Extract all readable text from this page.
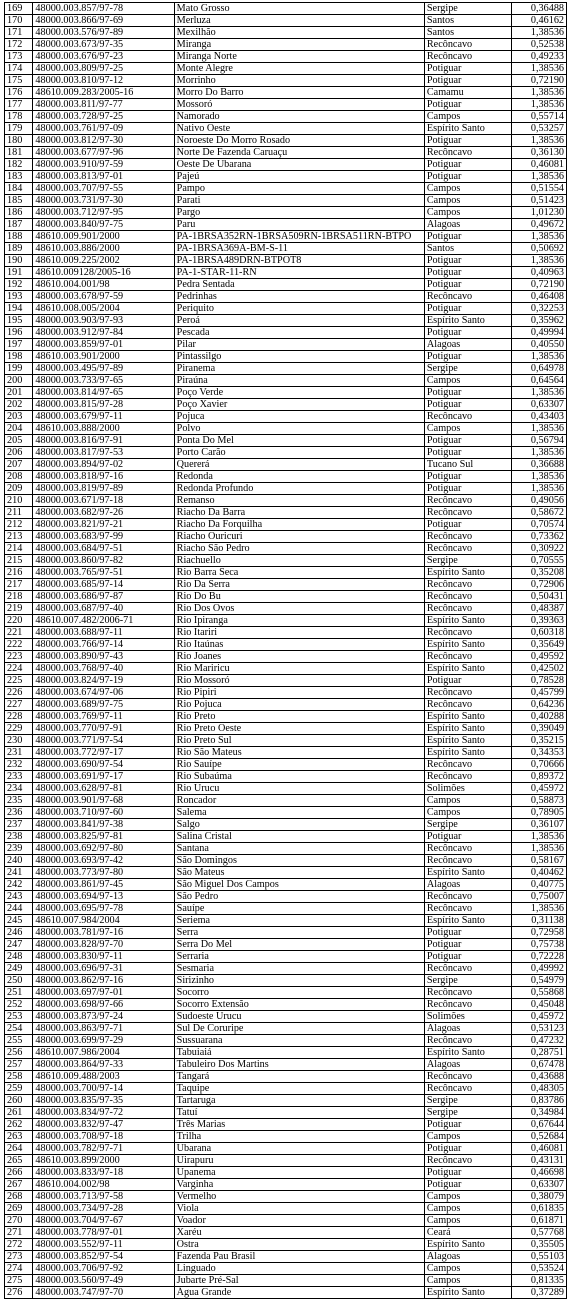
169	48000.003.857/97-78	Mato Grosso	Sergipe	0,36488
170	48000.003.866/97-69	Merluza	Santos	0,46162
171	48000.003.576/97-89	Mexilhão	Santos	1,38536
172	48000.003.673/97-35	Miranga	Recôncavo	0,52538
173	48000.003.676/97-23	Miranga Norte	Recôncavo	0,49233
174	48000.003.809/97-25	Monte Alegre	Potiguar	1,38536
175	48000.003.810/97-12	Morrinho	Potiguar	0,72190
176	48610.009.283/2005-16	Morro Do Barro	Camamu	1,38536
177	48000.003.811/97-77	Mossoró	Potiguar	1,38536
178	48000.003.728/97-25	Namorado	Campos	0,55714
179	48000.003.761/97-09	Nativo Oeste	Espírito Santo	0,53257
180	48000.003.812/97-30	Noroeste Do Morro Rosado	Potiguar	1,38536
181	48000.003.677/97-96	Norte De Fazenda Caruaçu	Recôncavo	0,36130
182	48000.003.910/97-59	Oeste De Ubarana	Potiguar	0,46081
183	48000.003.813/97-01	Pajeú	Potiguar	1,38536
184	48000.003.707/97-55	Pampo	Campos	0,51554
185	48000.003.731/97-30	Parati	Campos	0,51423
186	48000.003.712/97-95	Pargo	Campos	1,01230
187	48000.003.840/97-75	Paru	Alagoas	0,49672
188	48610.009.901/2000	PA-1BRSA352RN-1BRSA509RN-1BRSA511RN-BTPO	Potiguar	1,38536
189	48610.003.886/2000	PA-1BRSA369A-BM-S-11	Santos	0,50692
190	48610.009.225/2002	PA-1BRSA489DRN-BTPOT8	Potiguar	1,38536
191	48610.009128/2005-16	PA-1-STAR-11-RN	Potiguar	0,40963
192	48610.004.001/98	Pedra Sentada	Potiguar	0,72190
193	48000.003.678/97-59	Pedrinhas	Recôncavo	0,46408
194	48610.008.005/2004	Periquito	Potiguar	0,32253
195	48000.003.903/97-93	Peroá	Espírito Santo	0,35962
196	48000.003.912/97-84	Pescada	Potiguar	0,49994
197	48000.003.859/97-01	Pilar	Alagoas	0,40550
198	48610.003.901/2000	Pintassilgo	Potiguar	1,38536
199	48000.003.495/97-89	Piranema	Sergipe	0,64978
200	48000.003.733/97-65	Piraúna	Campos	0,64564
201	48000.003.814/97-65	Poço Verde	Potiguar	1,38536
202	48000.003.815/97-28	Poço Xavier	Potiguar	0,63307
203	48000.003.679/97-11	Pojuca	Recôncavo	0,43403
204	48610.003.888/2000	Polvo	Campos	1,38536
205	48000.003.816/97-91	Ponta Do Mel	Potiguar	0,56794
206	48000.003.817/97-53	Porto Carão	Potiguar	1,38536
207	48000.003.894/97-02	Quererá	Tucano Sul	0,36688
208	48000.003.818/97-16	Redonda	Potiguar	1,38536
209	48000.003.819/97-89	Redonda Profundo	Potiguar	1,38536
210	48000.003.671/97-18	Remanso	Recôncavo	0,49056
211	48000.003.682/97-26	Riacho Da Barra	Recôncavo	0,58672
212	48000.003.821/97-21	Riacho Da Forquilha	Potiguar	0,70574
213	48000.003.683/97-99	Riacho Ouricuri	Recôncavo	0,73362
214	48000.003.684/97-51	Riacho São Pedro	Recôncavo	0,30922
215	48000.003.860/97-82	Riachuello	Sergipe	0,70555
216	48000.003.765/97-51	Rio Barra Seca	Espírito Santo	0,35208
217	48000.003.685/97-14	Rio Da Serra	Recôncavo	0,72906
218	48000.003.686/97-87	Rio Do Bu	Recôncavo	0,50431
219	48000.003.687/97-40	Rio Dos Ovos	Recôncavo	0,48387
220	48610.007.482/2006-71	Rio Ipiranga	Espírito Santo	0,39363
221	48000.003.688/97-11	Rio Itariri	Recôncavo	0,60318
222	48000.003.766/97-14	Rio Itaúnas	Espírito Santo	0,35649
223	48000.003.890/97-43	Rio Joanes	Recôncavo	0,49592
224	48000.003.768/97-40	Rio Mariricu	Espírito Santo	0,42502
225	48000.003.824/97-19	Rio Mossoró	Potiguar	0,78528
226	48000.003.674/97-06	Rio Pipiri	Recôncavo	0,45799
227	48000.003.689/97-75	Rio Pojuca	Recôncavo	0,64236
228	48000.003.769/97-11	Rio Preto	Espírito Santo	0,40288
229	48000.003.770/97-91	Rio Preto Oeste	Espírito Santo	0,39049
230	48000.003.771/97-54	Rio Preto Sul	Espírito Santo	0,35215
231	48000.003.772/97-17	Rio São Mateus	Espírito Santo	0,34353
232	48000.003.690/97-54	Rio Sauípe	Recôncavo	0,70666
233	48000.003.691/97-17	Rio Subaúma	Recôncavo	0,89372
234	48000.003.628/97-81	Rio Urucu	Solimões	0,45972
235	48000.003.901/97-68	Roncador	Campos	0,58873
236	48000.003.710/97-60	Salema	Campos	0,78905
237	48000.003.841/97-38	Salgo	Sergipe	0,36107
238	48000.003.825/97-81	Salina Cristal	Potiguar	1,38536
239	48000.003.692/97-80	Santana	Recôncavo	1,38536
240	48000.003.693/97-42	São Domingos	Recôncavo	0,58167
241	48000.003.773/97-80	São Mateus	Espírito Santo	0,40462
242	48000.003.861/97-45	São Miguel Dos Campos	Alagoas	0,40775
243	48000.003.694/97-13	São Pedro	Recôncavo	0,75007
244	48000.003.695/97-78	Sauípe	Recôncavo	1,38536
245	48610.007.984/2004	Seriema	Espírito Santo	0,31138
246	48000.003.781/97-16	Serra	Potiguar	0,72958
247	48000.003.828/97-70	Serra Do Mel	Potiguar	0,75738
248	48000.003.830/97-11	Serraria	Potiguar	0,72228
249	48000.003.696/97-31	Sesmaria	Recôncavo	0,49992
250	48000.003.862/97-16	Sirizinho	Sergipe	0,54979
251	48000.003.697/97-01	Socorro	Recôncavo	0,55868
252	48000.003.698/97-66	Socorro Extensão	Recôncavo	0,45048
253	48000.003.873/97-24	Sudoeste Urucu	Solimões	0,45972
254	48000.003.863/97-71	Sul De Coruripe	Alagoas	0,53123
255	48000.003.699/97-29	Sussuarana	Recôncavo	0,47232
256	48610.007.986/2004	Tabuiaiá	Espírito Santo	0,28751
257	48000.003.864/97-33	Tabuleiro Dos Martins	Alagoas	0,67478
258	48610.009.488/2003	Tangará	Recôncavo	0,43688
259	48000.003.700/97-14	Taquipe	Recôncavo	0,48305
260	48000.003.835/97-35	Tartaruga	Sergipe	0,83786
261	48000.003.834/97-72	Tatuí	Sergipe	0,34984
262	48000.003.832/97-47	Três Marias	Potiguar	0,67644
263	48000.003.708/97-18	Trilha	Campos	0,52684
264	48000.003.782/97-71	Ubarana	Potiguar	0,46081
265	48610.003.899/2000	Uirapuru	Recôncavo	0,43131
266	48000.003.833/97-18	Upanema	Potiguar	0,46698
267	48610.004.002/98	Varginha	Potiguar	0,63307
268	48000.003.713/97-58	Vermelho	Campos	0,38079
269	48000.003.734/97-28	Viola	Campos	0,61835
270	48000.003.704/97-67	Voador	Campos	0,61871
271	48000.003.778/97-01	Xaréu	Ceará	0,57768
272	48000.003.552/97-11	Ostra	Espírito Santo	0,35505
273	48000.003.852/97-54	Fazenda Pau Brasil	Alagoas	0,55103
274	48000.003.706/97-92	Linguado	Campos	0,53524
275	48000.003.560/97-49	Jubarte Pré-Sal	Campos	0,81335
276	48000.003.747/97-70	Água Grande	Espírito Santo	0,37289
